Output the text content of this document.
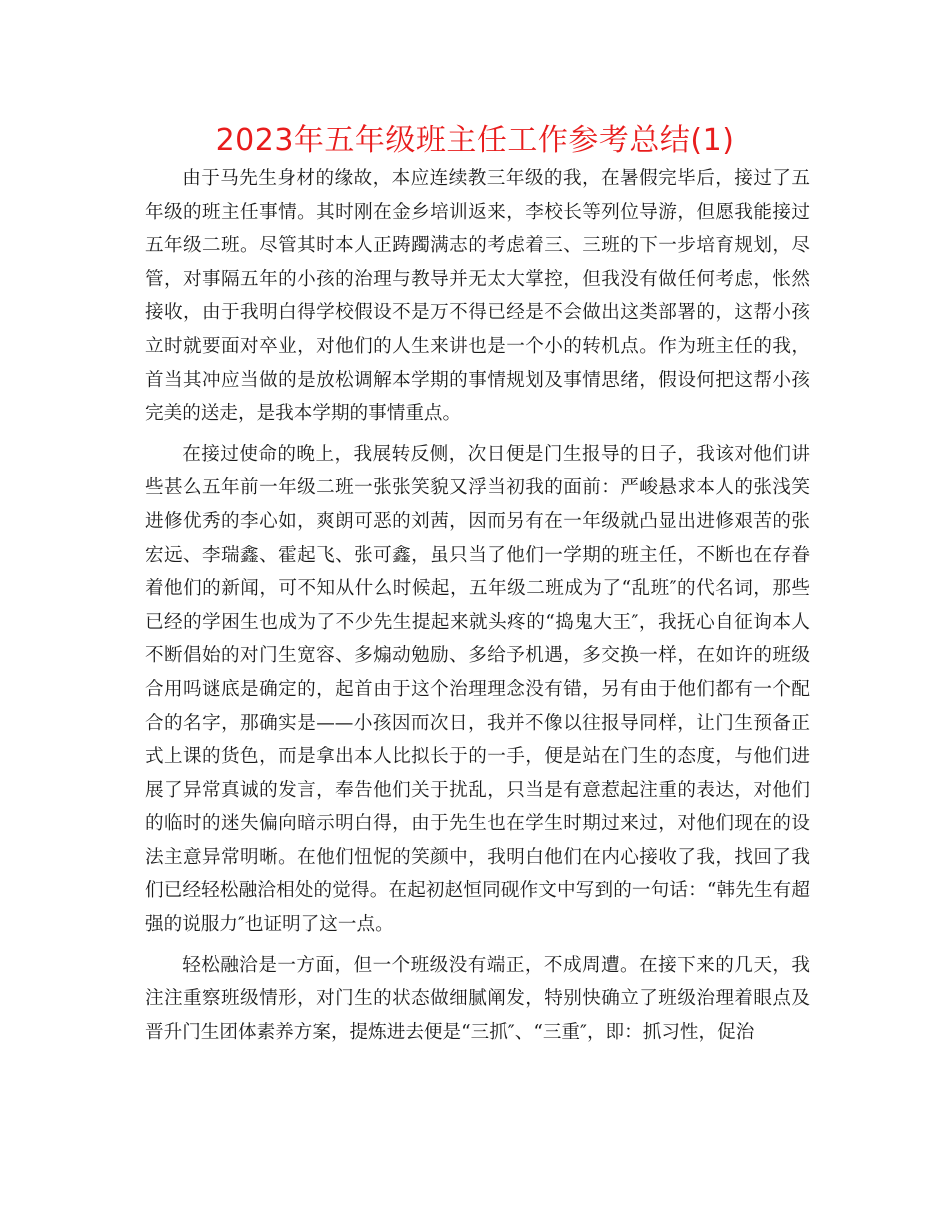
2023年五年级班主任工作参考总结(1)

由于马先生身材的缘故，本应连续教三年级的我，在暑假完毕后，接过了五年级的班主任事情。其时刚在金乡培训返来，李校长等列位导游，但愿我能接过五年级二班。尽管其时本人正踌躅满志的考虑着三、三班的下一步培育规划，尽管，对事隔五年的小孩的治理与教导并无太大掌控，但我没有做任何考虑，怅然接收，由于我明白得学校假设不是万不得已经是不会做出这类部署的，这帮小孩立时就要面对卒业，对他们的人生来讲也是一个小的转机点。作为班主任的我，首当其冲应当做的是放松调解本学期的事情规划及事情思绪，假设何把这帮小孩完美的送走，是我本学期的事情重点。

在接过使命的晚上，我展转反侧，次日便是门生报导的日子，我该对他们讲些甚么五年前一年级二班一张张笑貌又浮当初我的面前：严峻悬求本人的张浅笑进修优秀的李心如，爽朗可恶的刘茜，因而另有在一年级就凸显出进修艰苦的张宏远、李瑞鑫、霍起飞、张可鑫，虽只当了他们一学期的班主任，不断也在存眷着他们的新闻，可不知从什么时候起，五年级二班成为了“乱班″的代名词，那些已经的学困生也成为了不少先生提起来就头疼的“捣鬼大王″，我抚心自征询本人不断倡始的对门生宽容、多煽动勉励、多给予机遇，多交换一样，在如许的班级合用吗谜底是确定的，起首由于这个治理理念没有错，另有由于他们都有一个配合的名字，那确实是——小孩因而次日，我并不像以往报导同样，让门生预备正式上课的货色，而是拿出本人比拟长于的一手，便是站在门生的态度，与他们进展了异常真诚的发言，奉告他们关于扰乱，只当是有意惹起注重的表达，对他们的临时的迷失偏向暗示明白得，由于先生也在学生时期过来过，对他们现在的设法主意异常明晰。在他们忸怩的笑颜中，我明白他们在内心接收了我，找回了我们已经轻松融洽相处的觉得。在起初赵恒同砚作文中写到的一句话：“韩先生有超强的说服力″也证明了这一点。

轻松融洽是一方面，但一个班级没有端正，不成周遭。在接下来的几天，我注注重察班级情形，对门生的状态做细腻阐发，特别快确立了班级治理着眼点及晋升门生团体素养方案，提炼进去便是“三抓″、“三重″，即：抓习性，促治
